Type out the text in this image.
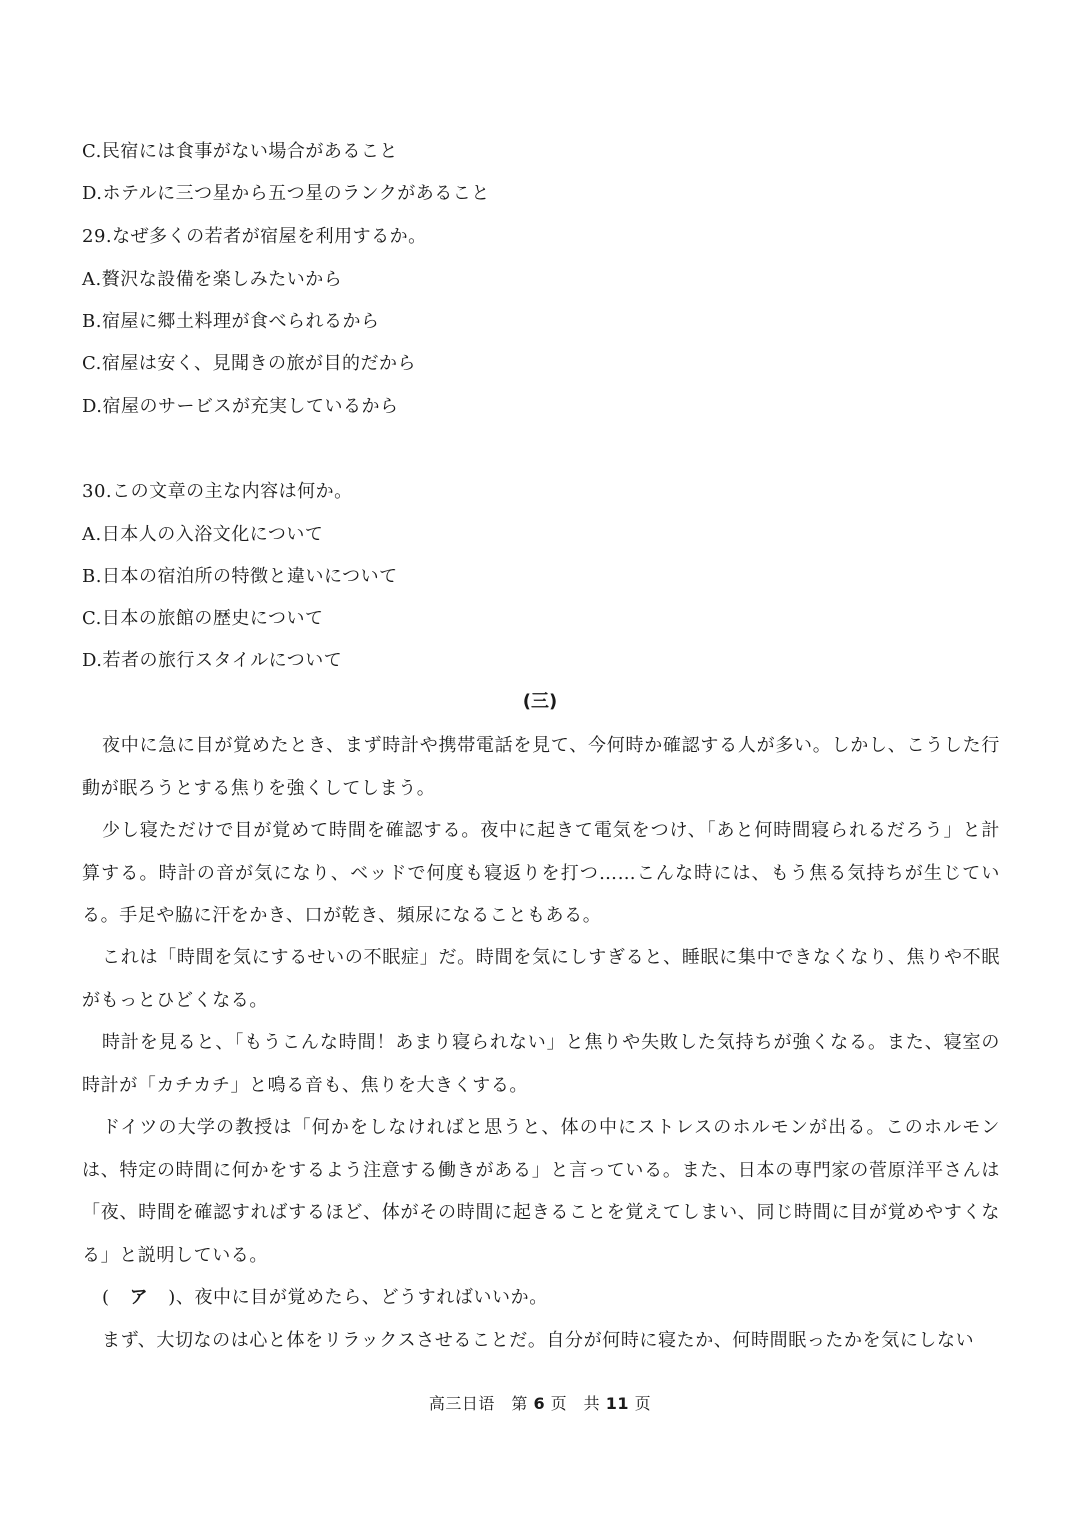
C.民宿には食事がない場合があること
D.ホテルに三つ星から五つ星のランクがあること
29.なぜ多くの若者が宿屋を利用するか。
A.贅沢な設備を楽しみたいから
B.宿屋に郷土料理が食べられるから
C.宿屋は安く、見聞きの旅が目的だから
D.宿屋のサービスが充実しているから
30.この文章の主な内容は何か。
A.日本人の入浴文化について
B.日本の宿泊所の特徴と違いについて
C.日本の旅館の歴史について
D.若者の旅行スタイルについて
(三)
夜中に急に目が覚めたとき、まず時計や携帯電話を見て、今何時か確認する人が多い。しかし、こうした行動が眠ろうとする焦りを強くしてしまう。
少し寝ただけで目が覚めて時間を確認する。夜中に起きて電気をつけ、「あと何時間寝られるだろう」と計算する。時計の音が気になり、ベッドで何度も寝返りを打つ……こんな時には、もう焦る気持ちが生じている。手足や脇に汗をかき、口が乾き、頻尿になることもある。
これは「時間を気にするせいの不眠症」だ。時間を気にしすぎると、睡眠に集中できなくなり、焦りや不眠がもっとひどくなる。
時計を見ると、「もうこんな時間！あまり寝られない」と焦りや失敗した気持ちが強くなる。また、寝室の時計が「カチカチ」と鳴る音も、焦りを大きくする。
ドイツの大学の教授は「何かをしなければと思うと、体の中にストレスのホルモンが出る。このホルモンは、特定の時間に何かをするよう注意する働きがある」と言っている。また、日本の専門家の菅原洋平さんは「夜、時間を確認すればするほど、体がその時間に起きることを覚えてしまい、同じ時間に目が覚めやすくなる」と説明している。
( ア )、夜中に目が覚めたら、どうすればいいか。
まず、大切なのは心と体をリラックスさせることだ。自分が何時に寝たか、何時間眠ったかを気にしない
高三日语　第 6 页　共 11 页
